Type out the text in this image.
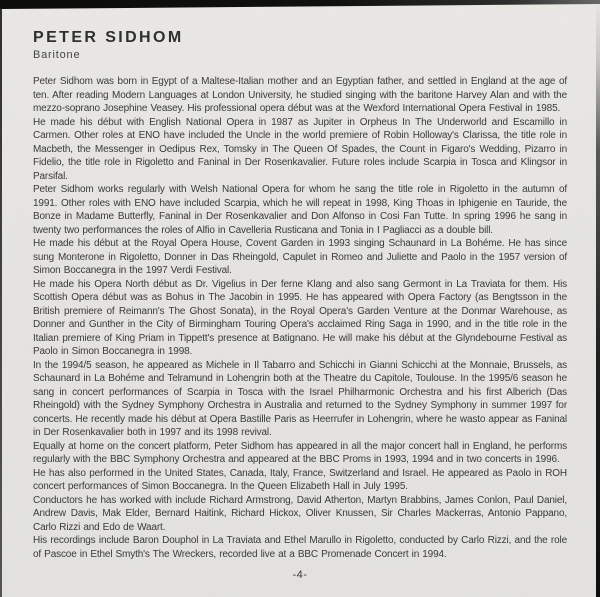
PETER SIDHOM
Baritone

Peter Sidhom was born in Egypt of a Maltese-Italian mother and an Egyptian father, and settled in England at the age of ten. After reading Modern Languages at London University, he studied singing with the baritone Harvey Alan and with the mezzo-soprano Josephine Veasey. His professional opera début was at the Wexford International Opera Festival in 1985.

He made his début with English National Opera in 1987 as Jupiter in Orpheus In The Underworld and Escamillo in Carmen. Other roles at ENO have included the Uncle in the world premiere of Robin Holloway's Clarissa, the title role in Macbeth, the Messenger in Oedipus Rex, Tomsky in The Queen Of Spades, the Count in Figaro's Wedding, Pizarro in Fidelio, the title role in Rigoletto and Faninal in Der Rosenkavalier. Future roles include Scarpia in Tosca and Klingsor in Parsifal.

Peter Sidhom works regularly with Welsh National Opera for whom he sang the title role in Rigoletto in the autumn of 1991. Other roles with ENO have included Scarpia, which he will repeat in 1998, King Thoas in Iphigenie en Tauride, the Bonze in Madame Butterfly, Faninal in Der Rosenkavalier and Don Alfonso in Cosi Fan Tutte. In spring 1996 he sang in twenty two performances the roles of Alfio in Cavelleria Rusticana and Tonia in I Pagliacci as a double bill.

He made his début at the Royal Opera House, Covent Garden in 1993 singing Schaunard in La Bohéme. He has since sung Monterone in Rigoletto, Donner in Das Rheingold, Capulet in Romeo and Juliette and Paolo in the 1957 version of Simon Boccanegra in the 1997 Verdi Festival.

He made his Opera North début as Dr. Vigelius in Der ferne Klang and also sang Germont in La Traviata for them. His Scottish Opera début was as Bohus in The Jacobin in 1995. He has appeared with Opera Factory (as Bengtsson in the British premiere of Reimann's The Ghost Sonata), in the Royal Opera's Garden Venture at the Donmar Warehouse, as Donner and Gunther in the City of Birmingham Touring Opera's acclaimed Ring Saga in 1990, and in the title role in the Italian premiere of King Priam in Tippett's presence at Batignano. He will make his début at the Glyndebourne Festival as Paolo in Simon Boccanegra in 1998.

In the 1994/5 season, he appeared as Michele in Il Tabarro and Schicchi in Gianni Schicchi at the Monnaie, Brussels, as Schaunard in La Bohéme and Telramund in Lohengrin both at the Theatre du Capitole, Toulouse. In the 1995/6 season he sang in concert performances of Scarpia in Tosca with the Israel Philharmonic Orchestra and his first Alberich (Das Rheingold) with the Sydney Symphony Orchestra in Australia and returned to the Sydney Symphony in summer 1997 for concerts. He recently made his début at Opera Bastille Paris as Heerrufer in Lohengrin, where he wasto appear as Faninal in Der Rosenkavalier both in 1997 and its 1998 revival.

Equally at home on the concert platform, Peter Sidhom has appeared in all the major concert hall in England, he performs regularly with the BBC Symphony Orchestra and appeared at the BBC Proms in 1993, 1994 and in two concerts in 1996.

He has also performed in the United States, Canada, Italy, France, Switzerland and Israel. He appeared as Paolo in ROH concert performances of Simon Boccanegra. In the Queen Elizabeth Hall in July 1995.

Conductors he has worked with include Richard Armstrong, David Atherton, Martyn Brabbins, James Conlon, Paul Daniel, Andrew Davis, Mak Elder, Bernard Haitink, Richard Hickox, Oliver Knussen, Sir Charles Mackerras, Antonio Pappano, Carlo Rizzi and Edo de Waart.

His recordings include Baron Douphol in La Traviata and Ethel Marullo in Rigoletto, conducted by Carlo Rizzi, and the role of Pascoe in Ethel Smyth's The Wreckers, recorded live at a BBC Promenade Concert in 1994.

-4-
